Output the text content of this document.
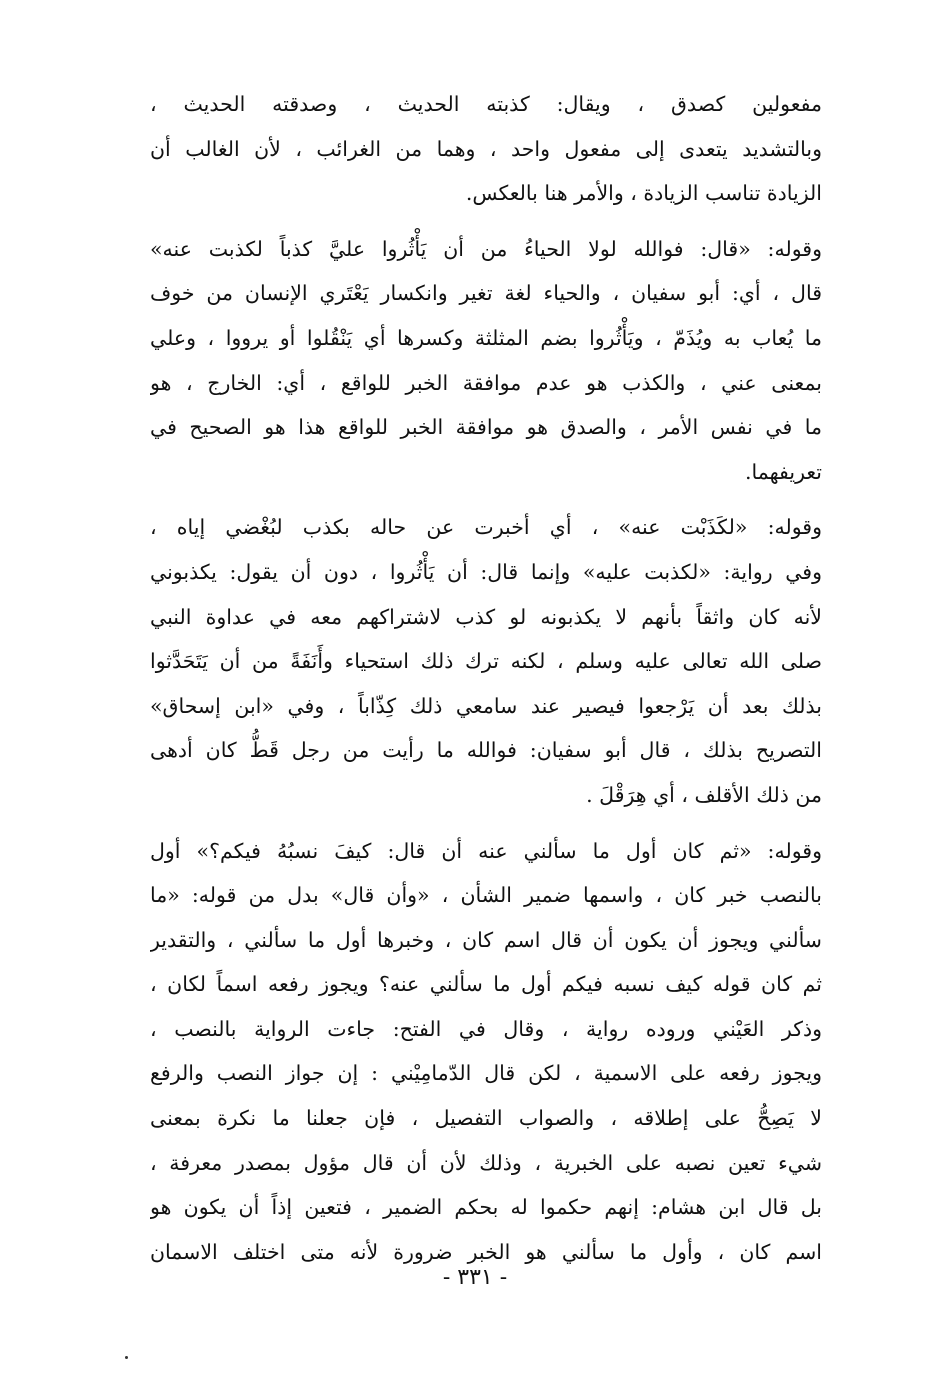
مفعولين كصدق ، ويقال: كذبته الحديث ، وصدقته الحديث ،
وبالتشديد يتعدى إلى مفعول واحد ، وهما من الغرائب ، لأن الغالب أن
الزيادة تناسب الزيادة ، والأمر هنا بالعكس.
وقوله: «قال: فوالله لولا الحياءُ من أن يَأْثُروا عليَّ كذباً لكذبت عنه»
قال ، أي: أبو سفيان ، والحياء لغة تغير وانكسار يَعْتَري الإنسان من خوف
ما يُعاب به ويُذَمّ ، ويَأْثُروا بضم المثلثة وكسرها أي يَنْقُلوا أو يرووا ، وعلي
بمعنى عني ، والكذب هو عدم موافقة الخبر للواقع ، أي: الخارج ، هو
ما في نفس الأمر ، والصدق هو موافقة الخبر للواقع هذا هو الصحيح في
تعريفهما.
وقوله: «لكَذَبْت عنه» ، أي أخبرت عن حاله بكذب لبُغْضي إياه ،
وفي رواية: «لكذبت عليه» وإنما قال: أن يَأْثُروا ، دون أن يقول: يكذبوني
لأنه كان واثقاً بأنهم لا يكذبونه لو كذب لاشتراكهم معه في عداوة النبي
صلى الله تعالى عليه وسلم ، لكنه ترك ذلك استحياء وأَنَفَةً من أن يَتَحَدَّثوا
بذلك بعد أن يَرْجعوا فيصير عند سامعي ذلك كِذّاباً ، وفي «ابن إسحاق»
التصريح بذلك ، قال أبو سفيان: فوالله ما رأيت من رجل قَطُّ كان أدهى
من ذلك الأقلف ، أي هِرَقْلَ .
وقوله: «ثم كان أول ما سألني عنه أن قال: كيفَ نسبُهُ فيكم؟» أول
بالنصب خبر كان ، واسمها ضمير الشأن ، «وأن قال» بدل من قوله: «ما
سألني ويجوز أن يكون أن قال اسم كان ، وخبرها أول ما سألني ، والتقدير
ثم كان قوله كيف نسبه فيكم أول ما سألني عنه؟ ويجوز رفعه اسماً لكان ،
وذكر العَيْني وروده رواية ، وقال في الفتح: جاءت الرواية بالنصب ،
ويجوز رفعه على الاسمية ، لكن قال الدّمامِيْني : إن جواز النصب والرفع
لا يَصِحُّ على إطلاقه ، والصواب التفصيل ، فإن جعلنا ما نكرة بمعنى
شيء تعين نصبه على الخبرية ، وذلك لأن أن قال مؤول بمصدر معرفة ،
بل قال ابن هشام: إنهم حكموا له بحكم الضمير ، فتعين إذاً أن يكون هو
اسم كان ، وأول ما سألني هو الخبر ضرورة لأنه متى اختلف الاسمان
- ٣٣١ -
